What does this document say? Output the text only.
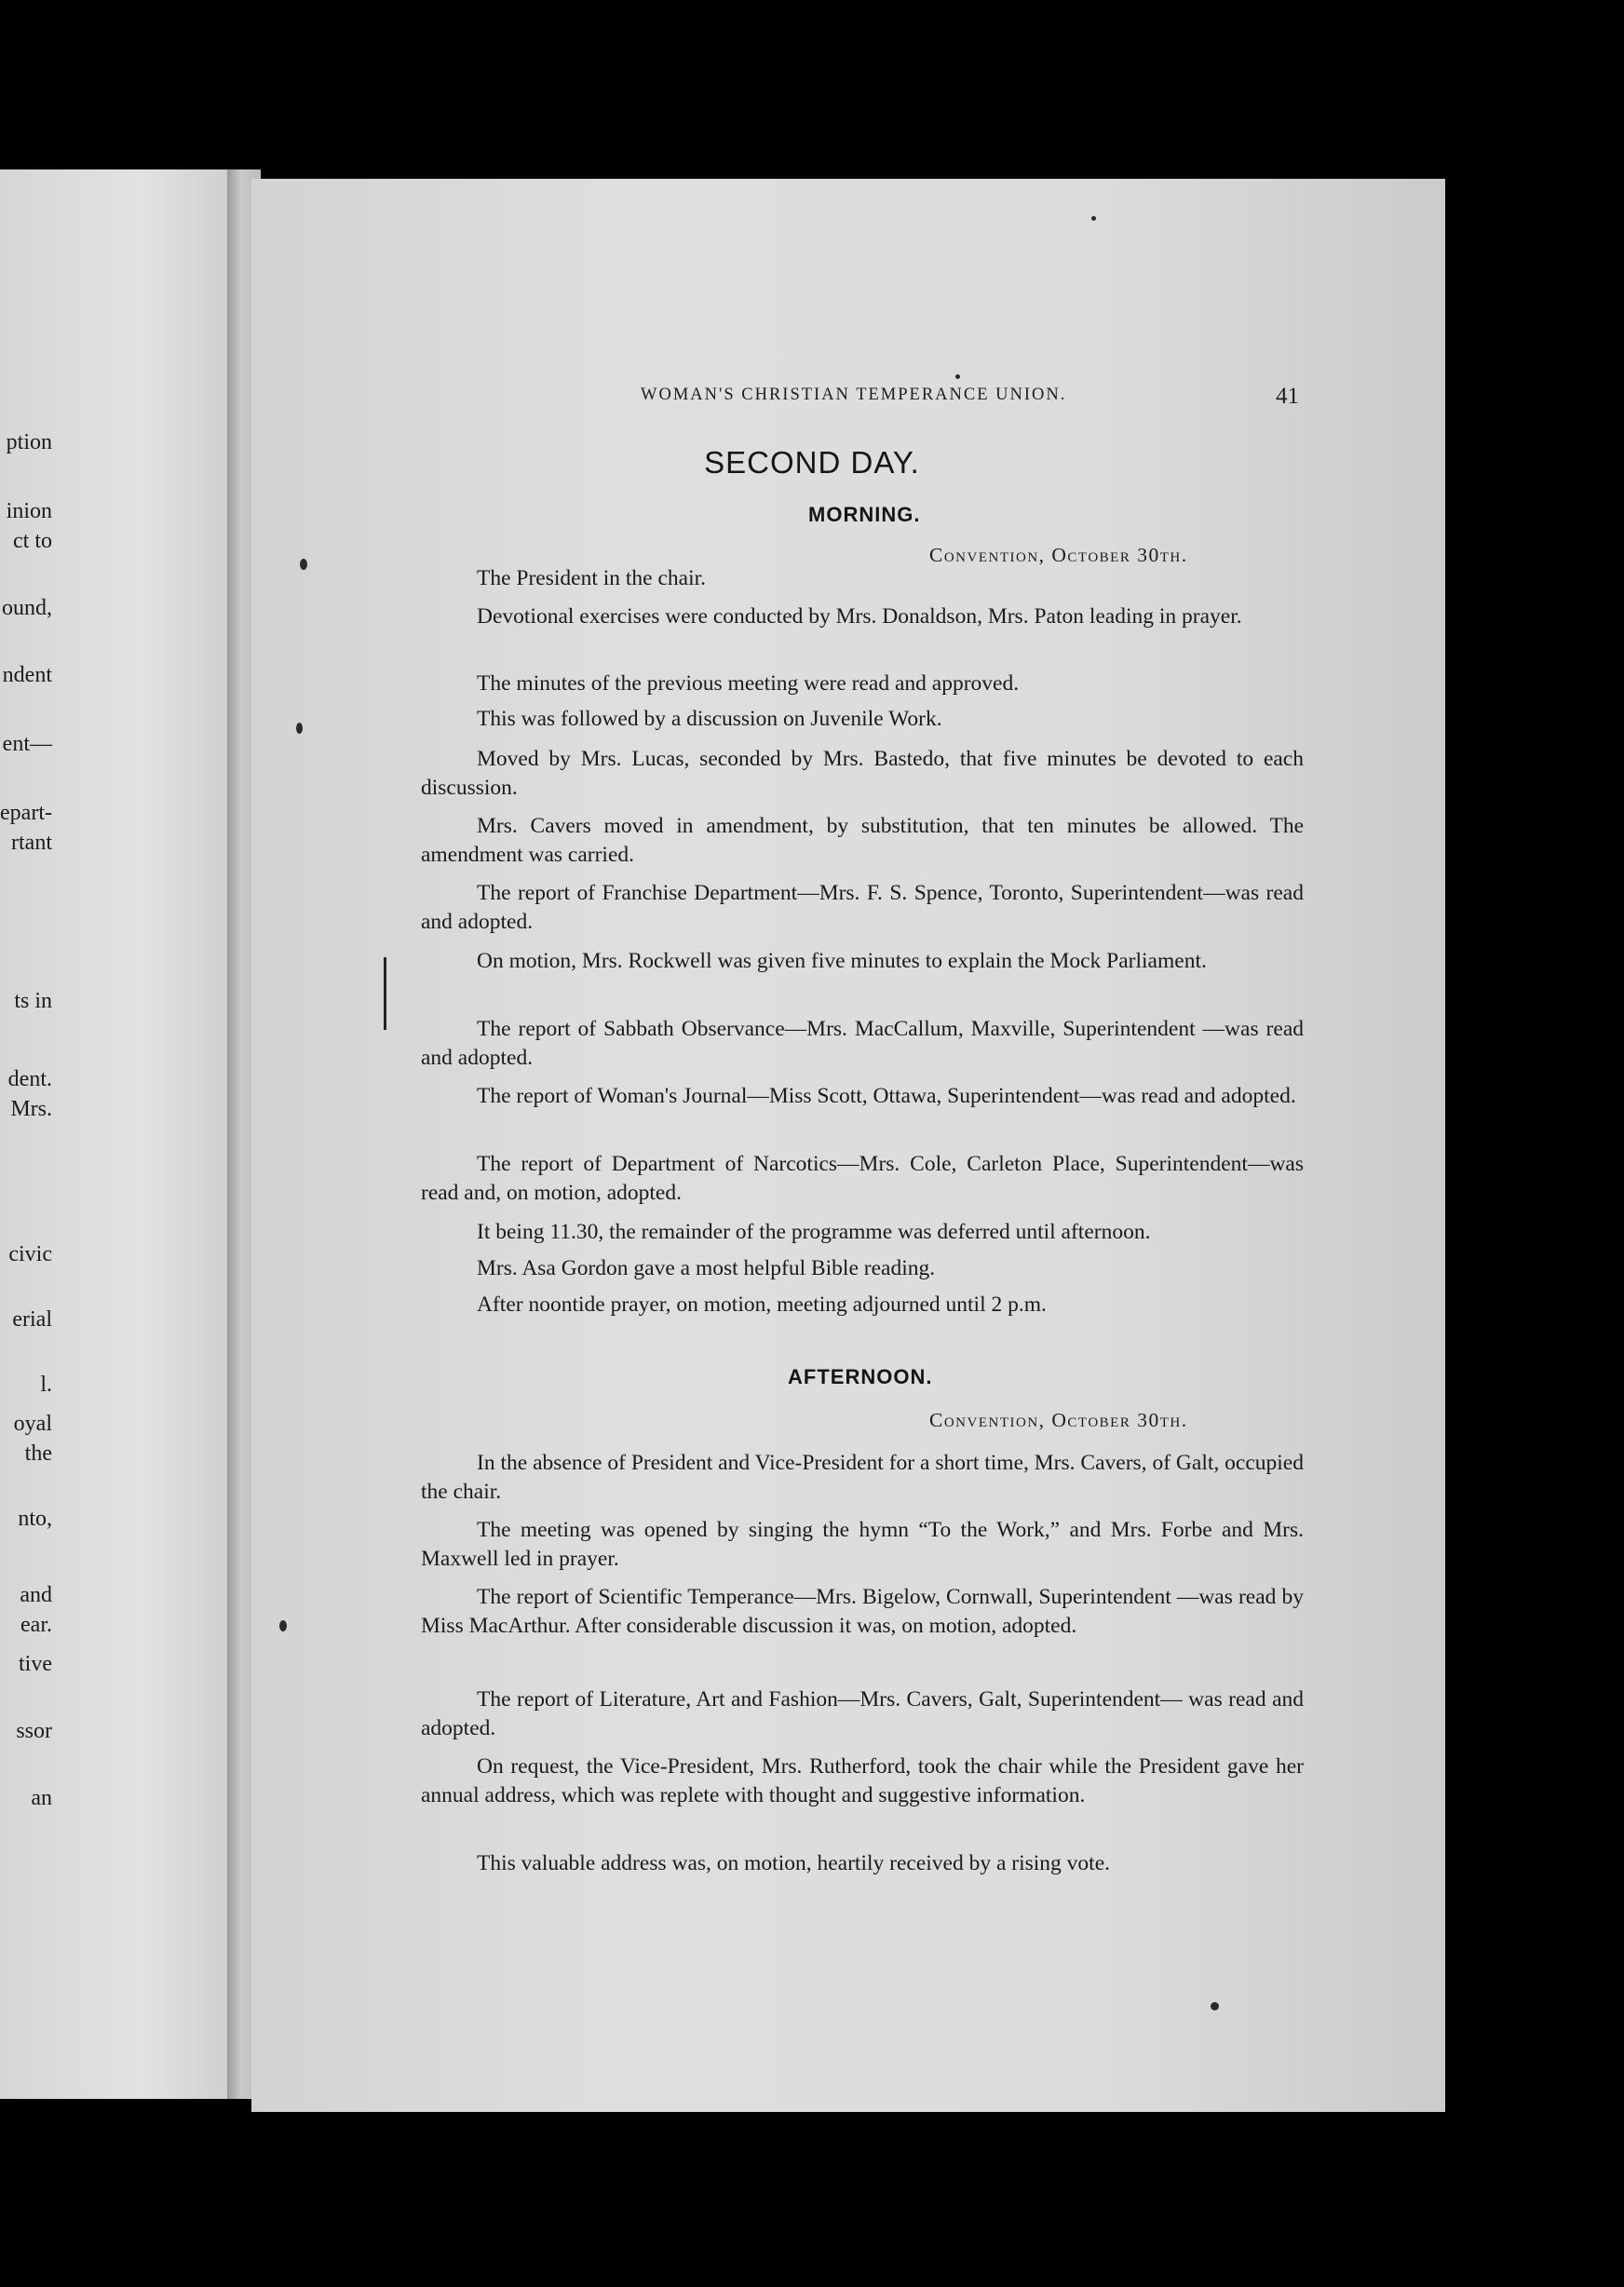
ption
inion
ct to
ound,
ndent
ent—
epart-
rtant
ts in
dent.
Mrs.
civic
erial
l.
oyal
the
nto,
and
ear.
tive
ssor
an
WOMAN'S CHRISTIAN TEMPERANCE UNION.	41
SECOND DAY.
MORNING.
Convention, October 30th.
The President in the chair.
Devotional exercises were conducted by Mrs. Donaldson, Mrs. Paton leading in prayer.
The minutes of the previous meeting were read and approved.
This was followed by a discussion on Juvenile Work.
Moved by Mrs. Lucas, seconded by Mrs. Bastedo, that five minutes be devoted to each discussion.
Mrs. Cavers moved in amendment, by substitution, that ten minutes be allowed. The amendment was carried.
The report of Franchise Department—Mrs. F. S. Spence, Toronto, Superintendent—was read and adopted.
On motion, Mrs. Rockwell was given five minutes to explain the Mock Parliament.
The report of Sabbath Observance—Mrs. MacCallum, Maxville, Superintendent —was read and adopted.
The report of Woman's Journal—Miss Scott, Ottawa, Superintendent—was read and adopted.
The report of Department of Narcotics—Mrs. Cole, Carleton Place, Superintendent—was read and, on motion, adopted.
It being 11.30, the remainder of the programme was deferred until afternoon.
Mrs. Asa Gordon gave a most helpful Bible reading.
After noontide prayer, on motion, meeting adjourned until 2 p.m.
AFTERNOON.
Convention, October 30th.
In the absence of President and Vice-President for a short time, Mrs. Cavers, of Galt, occupied the chair.
The meeting was opened by singing the hymn “To the Work,” and Mrs. Forbe and Mrs. Maxwell led in prayer.
The report of Scientific Temperance—Mrs. Bigelow, Cornwall, Superintendent —was read by Miss MacArthur. After considerable discussion it was, on motion, adopted.
The report of Literature, Art and Fashion—Mrs. Cavers, Galt, Superintendent— was read and adopted.
On request, the Vice-President, Mrs. Rutherford, took the chair while the President gave her annual address, which was replete with thought and suggestive information.
This valuable address was, on motion, heartily received by a rising vote.
